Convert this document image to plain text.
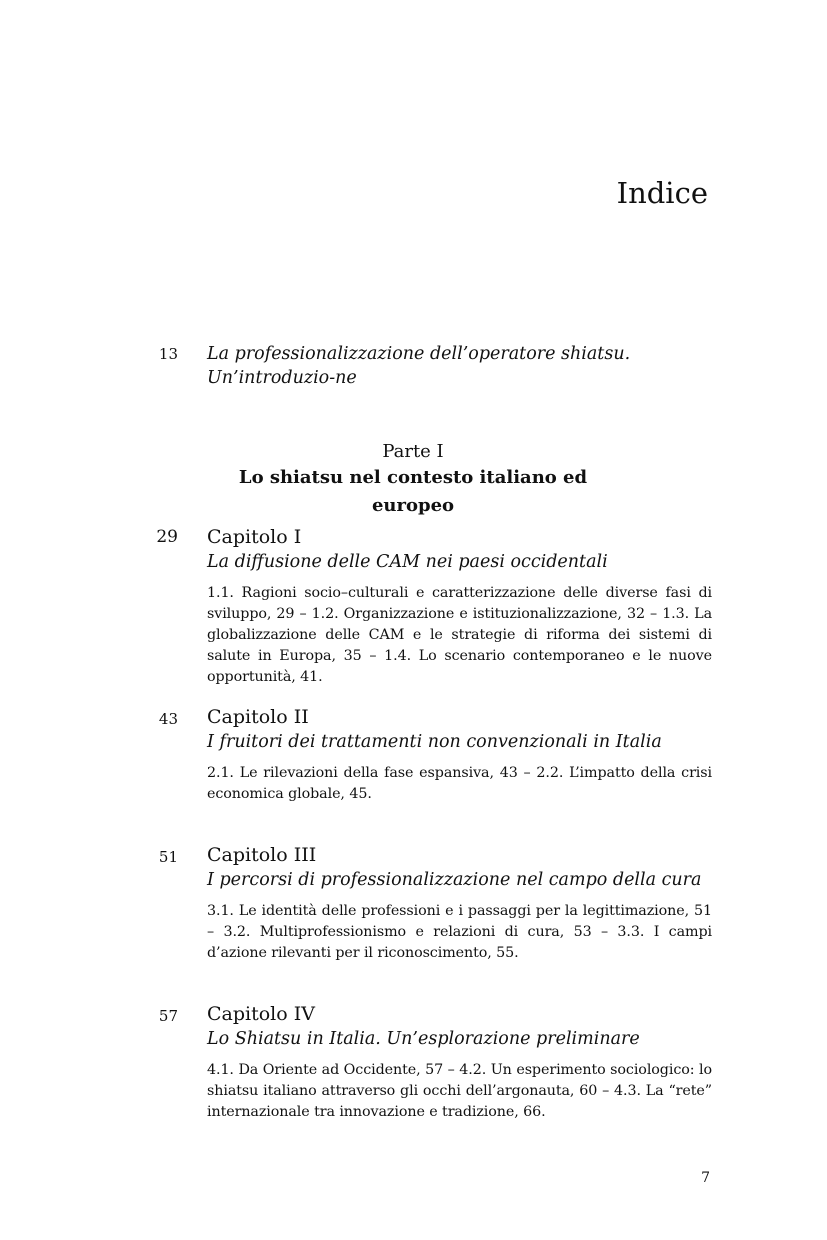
Indice
13 La professionalizzazione dell’operatore shiatsu. Un’introduzio-ne
Parte I
Lo shiatsu nel contesto italiano ed europeo
29 Capitolo I
La diffusione delle CAM nei paesi occidentali
1.1. Ragioni socio–culturali e caratterizzazione delle diverse fasi di sviluppo, 29 – 1.2. Organizzazione e istituzionalizzazione, 32 – 1.3. La globalizzazione delle CAM e le strategie di riforma dei sistemi di salute in Europa, 35 – 1.4. Lo scenario contemporaneo e le nuove opportunità, 41.
43 Capitolo II
I fruitori dei trattamenti non convenzionali in Italia
2.1. Le rilevazioni della fase espansiva, 43 – 2.2. L’impatto della crisi economica globale, 45.
51 Capitolo III
I percorsi di professionalizzazione nel campo della cura
3.1. Le identità delle professioni e i passaggi per la legittimazione, 51 – 3.2. Multiprofessionismo e relazioni di cura, 53 – 3.3. I campi d’azione rilevanti per il riconoscimento, 55.
57 Capitolo IV
Lo Shiatsu in Italia. Un’esplorazione preliminare
4.1. Da Oriente ad Occidente, 57 – 4.2. Un esperimento sociologico: lo shiatsu italiano attraverso gli occhi dell’argonauta, 60 – 4.3. La “rete” internazionale tra innovazione e tradizione, 66.
7
